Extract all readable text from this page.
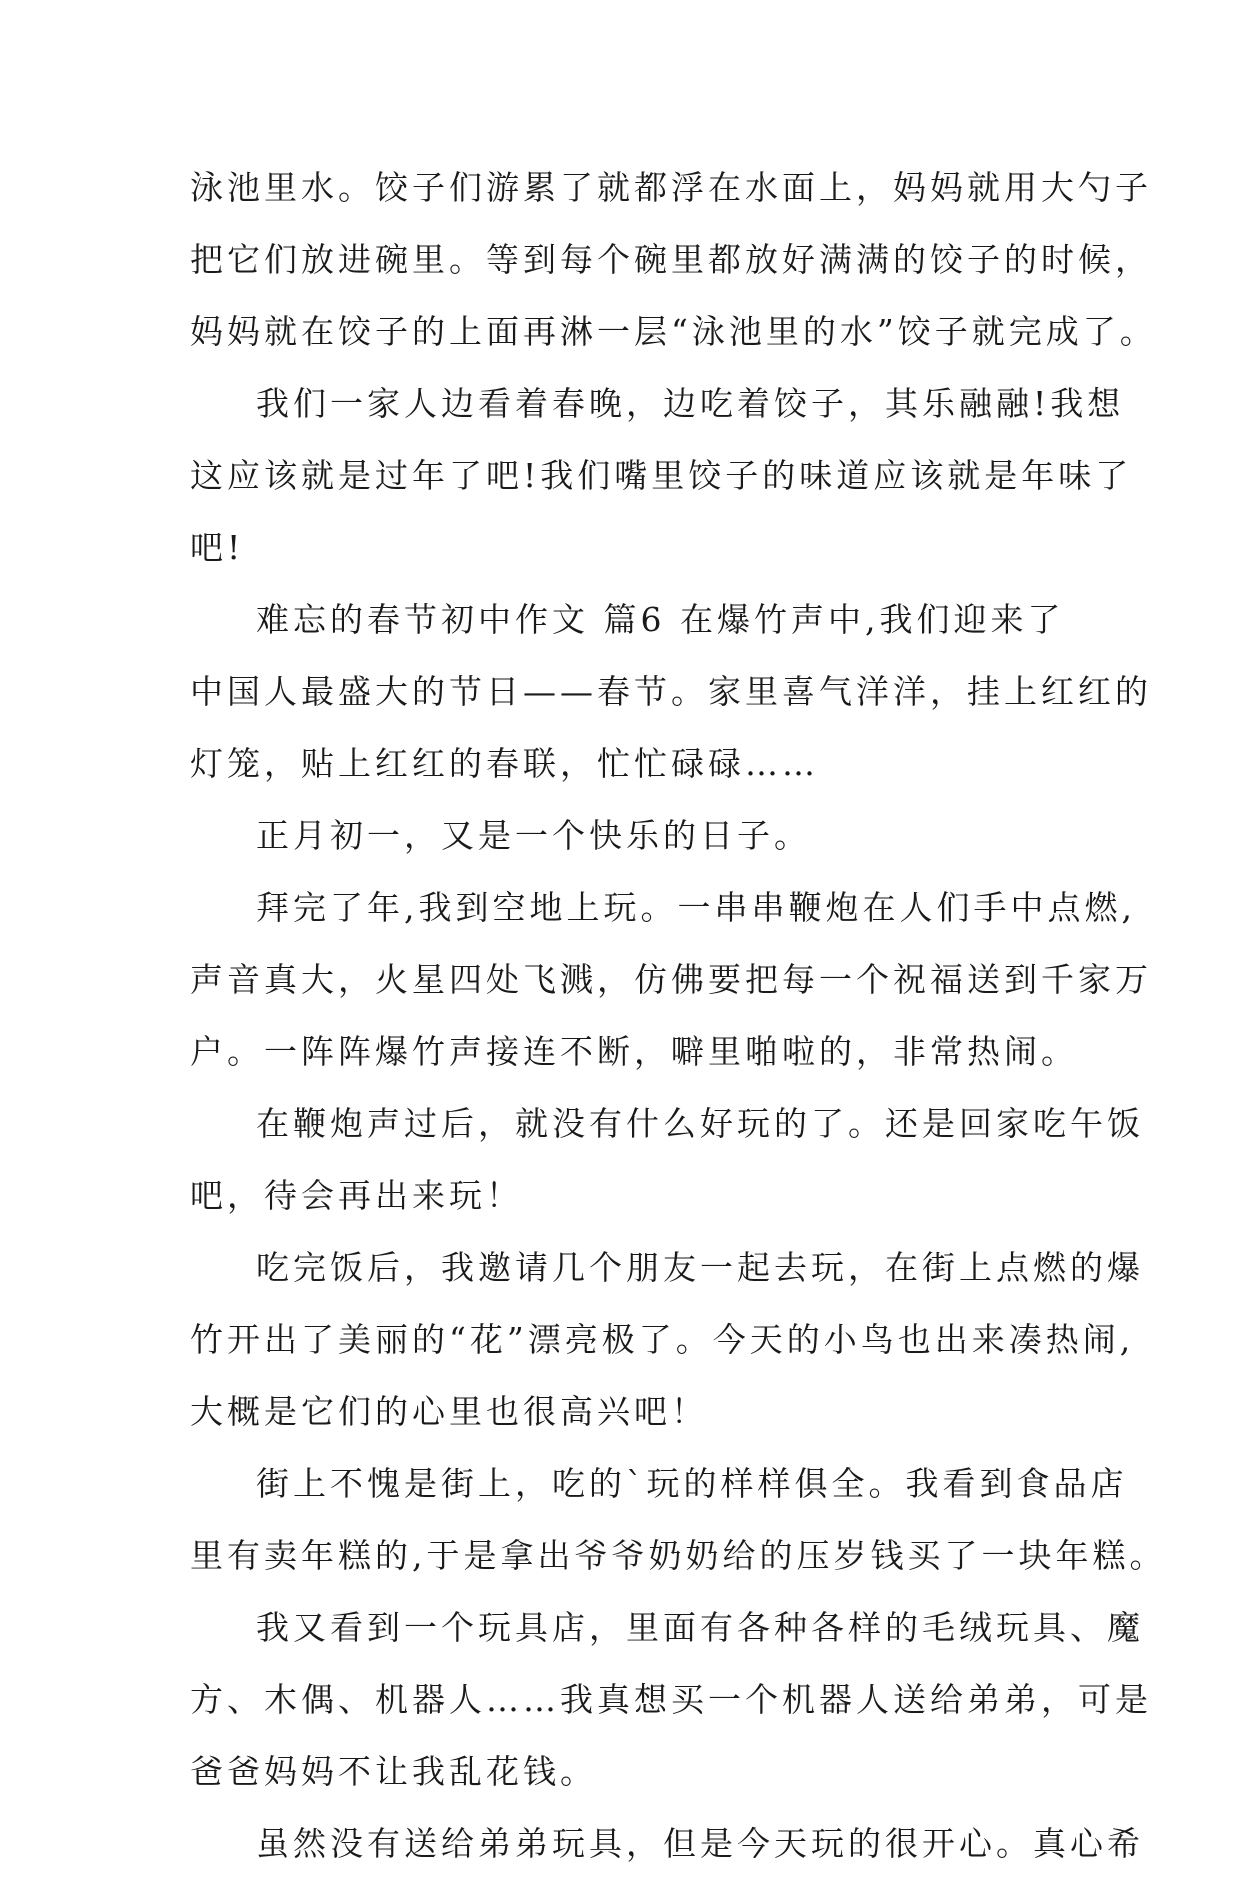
泳池里水。饺子们游累了就都浮在水面上，妈妈就用大勺子
把它们放进碗里。等到每个碗里都放好满满的饺子的时候，
妈妈就在饺子的上面再淋一层“泳池里的水”饺子就完成了。
我们一家人边看着春晚，边吃着饺子，其乐融融!我想
这应该就是过年了吧!我们嘴里饺子的味道应该就是年味了
吧!
难忘的春节初中作文 篇6 在爆竹声中,我们迎来了
中国人最盛大的节日——春节。家里喜气洋洋，挂上红红的
灯笼，贴上红红的春联，忙忙碌碌……
正月初一，又是一个快乐的日子。
拜完了年,我到空地上玩。一串串鞭炮在人们手中点燃,
声音真大，火星四处飞溅，仿佛要把每一个祝福送到千家万
户。一阵阵爆竹声接连不断，噼里啪啦的，非常热闹。
在鞭炮声过后，就没有什么好玩的了。还是回家吃午饭
吧，待会再出来玩！
吃完饭后，我邀请几个朋友一起去玩，在街上点燃的爆
竹开出了美丽的“花”漂亮极了。今天的小鸟也出来凑热闹,
大概是它们的心里也很高兴吧！
街上不愧是街上，吃的`玩的样样俱全。我看到食品店
里有卖年糕的,于是拿出爷爷奶奶给的压岁钱买了一块年糕。
我又看到一个玩具店，里面有各种各样的毛绒玩具、魔
方、木偶、机器人……我真想买一个机器人送给弟弟，可是
爸爸妈妈不让我乱花钱。
虽然没有送给弟弟玩具，但是今天玩的很开心。真心希
